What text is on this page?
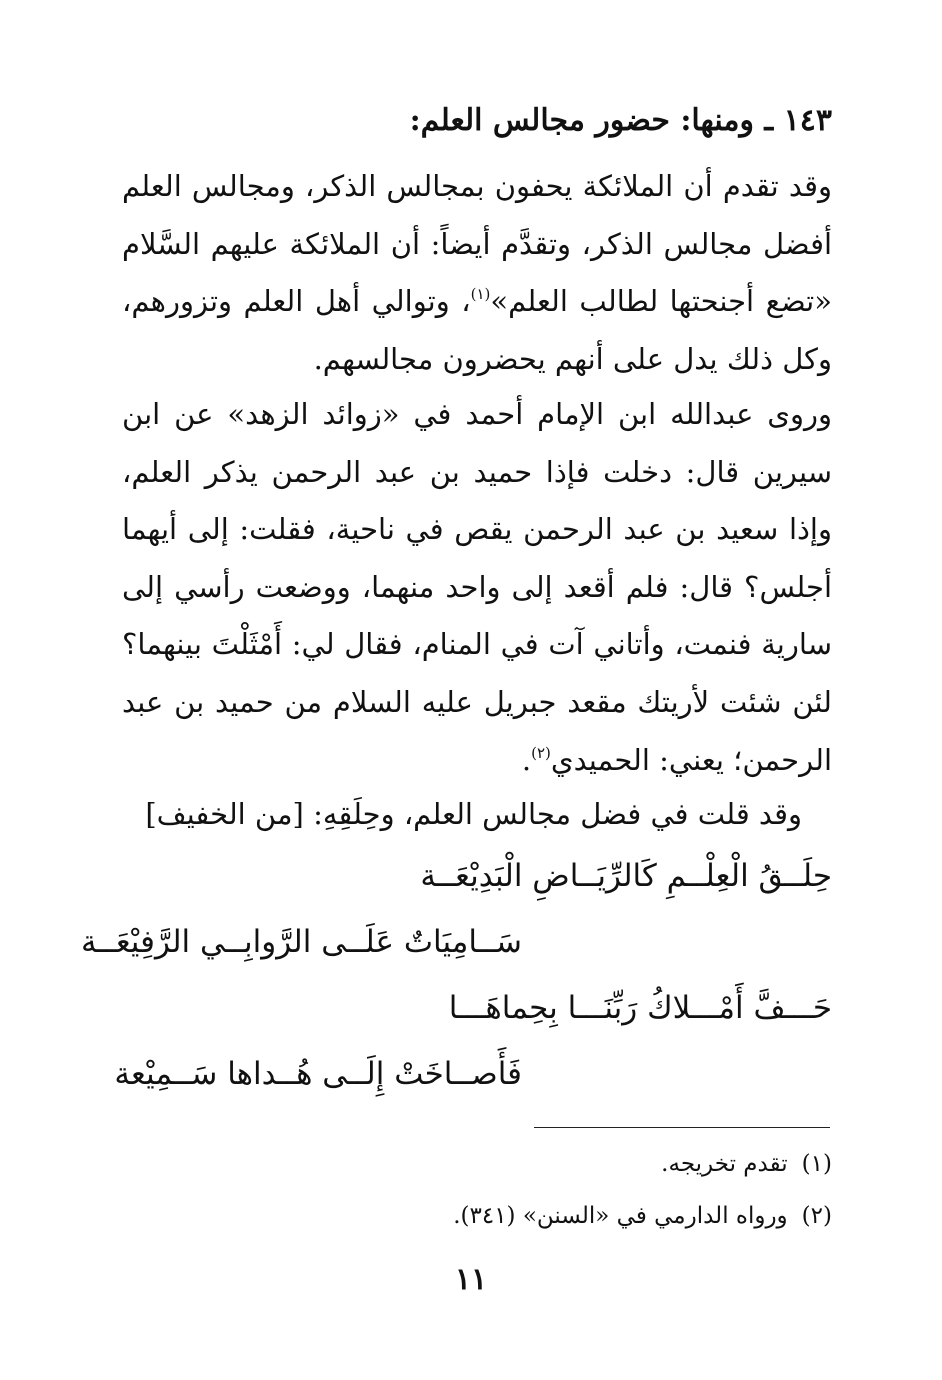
١٤٣ ـ ومنها: حضور مجالس العلم:
وقد تقدم أن الملائكة يحفون بمجالس الذكر، ومجالس العلم أفضل مجالس الذكر، وتقدَّم أيضاً: أن الملائكة عليهم السَّلام «تضع أجنحتها لطالب العلم»$^{(١)}$، وتوالي أهل العلم وتزورهم، وكل ذلك يدل على أنهم يحضرون مجالسهم.
وروى عبدالله ابن الإمام أحمد في «زوائد الزهد» عن ابن سيرين قال: دخلت فإذا حميد بن عبد الرحمن يذكر العلم، وإذا سعيد بن عبد الرحمن يقص في ناحية، فقلت: إلى أيهما أجلس؟ قال: فلم أقعد إلى واحد منهما، ووضعت رأسي إلى سارية فنمت، وأتاني آت في المنام، فقال لي: أَمْثَلْتَ بينهما؟ لئن شئت لأريتك مقعد جبريل عليه السلام من حميد بن عبد الرحمن؛ يعني: الحميدي$^{(٢)}$.
وقد قلت في فضل مجالس العلم، وحِلَقِهِ: [من الخفيف]
حِلَــقُ الْعِلْــمِ كَالرِّيَــاضِ الْبَدِيْعَــة
سَــامِيَاتٌ عَلَــى الرَّوابِــي الرَّفِيْعَــة
حَـــفَّ أَمْـــلاكُ رَبِّنَـــا بِحِماهَـــا
فَأَصــاخَتْ إِلَــى هُــداها سَــمِيْعة
(١)تقدم تخريجه.
(٢)ورواه الدارمي في «السنن» (٣٤١).
١١
